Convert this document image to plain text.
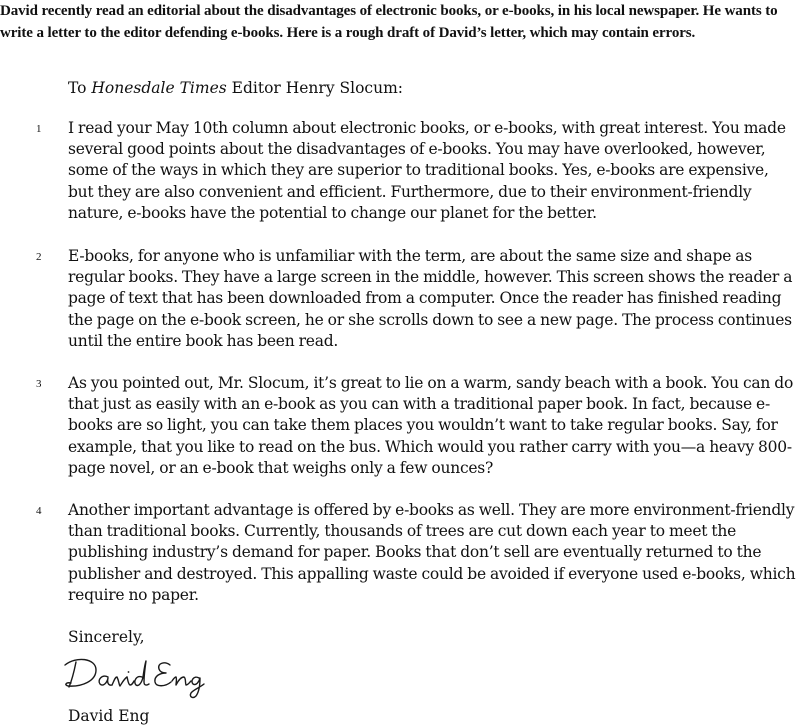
David recently read an editorial about the disadvantages of electronic books, or e-books, in his local newspaper. He wants to write a letter to the editor defending e-books. Here is a rough draft of David’s letter, which may contain errors.
To Honesdale Times Editor Henry Slocum:
1 I read your May 10th column about electronic books, or e-books, with great interest. You made several good points about the disadvantages of e-books. You may have overlooked, however, some of the ways in which they are superior to traditional books. Yes, e-books are expensive, but they are also convenient and efficient. Furthermore, due to their environment-friendly nature, e-books have the potential to change our planet for the better.
2 E-books, for anyone who is unfamiliar with the term, are about the same size and shape as regular books. They have a large screen in the middle, however. This screen shows the reader a page of text that has been downloaded from a computer. Once the reader has finished reading the page on the e-book screen, he or she scrolls down to see a new page. The process continues until the entire book has been read.
3 As you pointed out, Mr. Slocum, it’s great to lie on a warm, sandy beach with a book. You can do that just as easily with an e-book as you can with a traditional paper book. In fact, because e-books are so light, you can take them places you wouldn’t want to take regular books. Say, for example, that you like to read on the bus. Which would you rather carry with you—a heavy 800-page novel, or an e-book that weighs only a few ounces?
4 Another important advantage is offered by e-books as well. They are more environment-friendly than traditional books. Currently, thousands of trees are cut down each year to meet the publishing industry’s demand for paper. Books that don’t sell are eventually returned to the publisher and destroyed. This appalling waste could be avoided if everyone used e-books, which require no paper.
Sincerely,
David Eng
